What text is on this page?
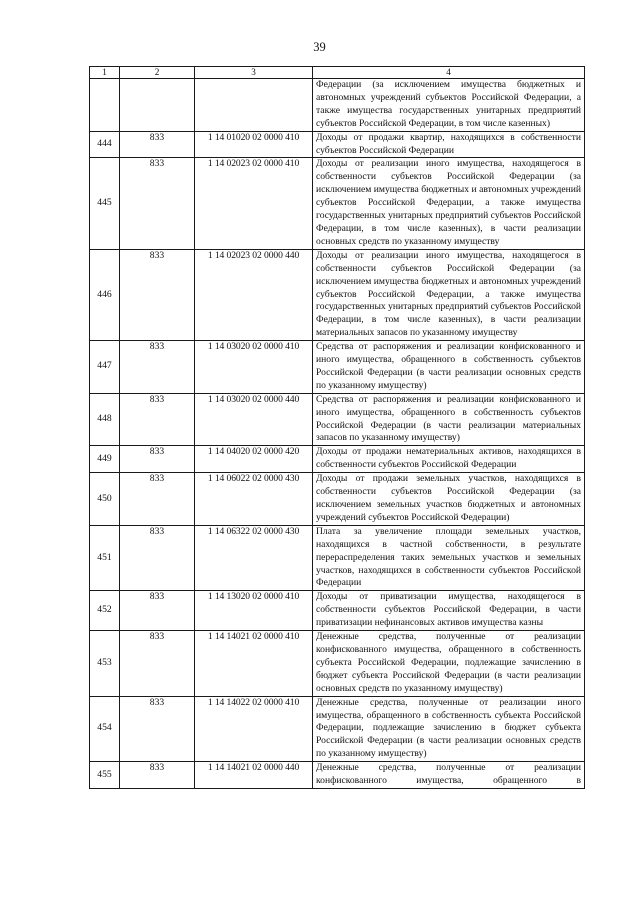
39
1	2	3	4
			Федерации (за исключением имущества бюджетных и автономных учреждений субъектов Российской Федерации, а также имущества государственных унитарных предприятий субъектов Российской Федерации, в том числе казенных)
444	833	1 14 01020 02 0000 410	Доходы от продажи квартир, находящихся в собственности субъектов Российской Федерации
445	833	1 14 02023 02 0000 410	Доходы от реализации иного имущества, находящегося в собственности субъектов Российской Федерации (за исключением имущества бюджетных и автономных учреждений субъектов Российской Федерации, а также имущества государственных унитарных предприятий субъектов Российской Федерации, в том числе казенных), в части реализации основных средств по указанному имуществу
446	833	1 14 02023 02 0000 440	Доходы от реализации иного имущества, находящегося в собственности субъектов Российской Федерации (за исключением имущества бюджетных и автономных учреждений субъектов Российской Федерации, а также имущества государственных унитарных предприятий субъектов Российской Федерации, в том числе казенных), в части реализации материальных запасов по указанному имуществу
447	833	1 14 03020 02 0000 410	Средства от распоряжения и реализации конфискованного и иного имущества, обращенного в собственность субъектов Российской Федерации (в части реализации основных средств по указанному имуществу)
448	833	1 14 03020 02 0000 440	Средства от распоряжения и реализации конфискованного и иного имущества, обращенного в собственность субъектов Российской Федерации (в части реализации материальных запасов по указанному имуществу)
449	833	1 14 04020 02 0000 420	Доходы от продажи нематериальных активов, находящихся в собственности субъектов Российской Федерации
450	833	1 14 06022 02 0000 430	Доходы от продажи земельных участков, находящихся в собственности субъектов Российской Федерации (за исключением земельных участков бюджетных и автономных учреждений субъектов Российской Федерации)
451	833	1 14 06322 02 0000 430	Плата за увеличение площади земельных участков, находящихся в частной собственности, в результате перераспределения таких земельных участков и земельных участков, находящихся в собственности субъектов Российской Федерации
452	833	1 14 13020 02 0000 410	Доходы от приватизации имущества, находящегося в собственности субъектов Российской Федерации, в части приватизации нефинансовых активов имущества казны
453	833	1 14 14021 02 0000 410	Денежные средства, полученные от реализации конфискованного имущества, обращенного в собственность субъекта Российской Федерации, подлежащие зачислению в бюджет субъекта Российской Федерации (в части реализации основных средств по указанному имуществу)
454	833	1 14 14022 02 0000 410	Денежные средства, полученные от реализации иного имущества, обращенного в собственность субъекта Российской Федерации, подлежащие зачислению в бюджет субъекта Российской Федерации (в части реализации основных средств по указанному имуществу)
455	833	1 14 14021 02 0000 440	Денежные средства, полученные от реализации конфискованного имущества, обращенного в
